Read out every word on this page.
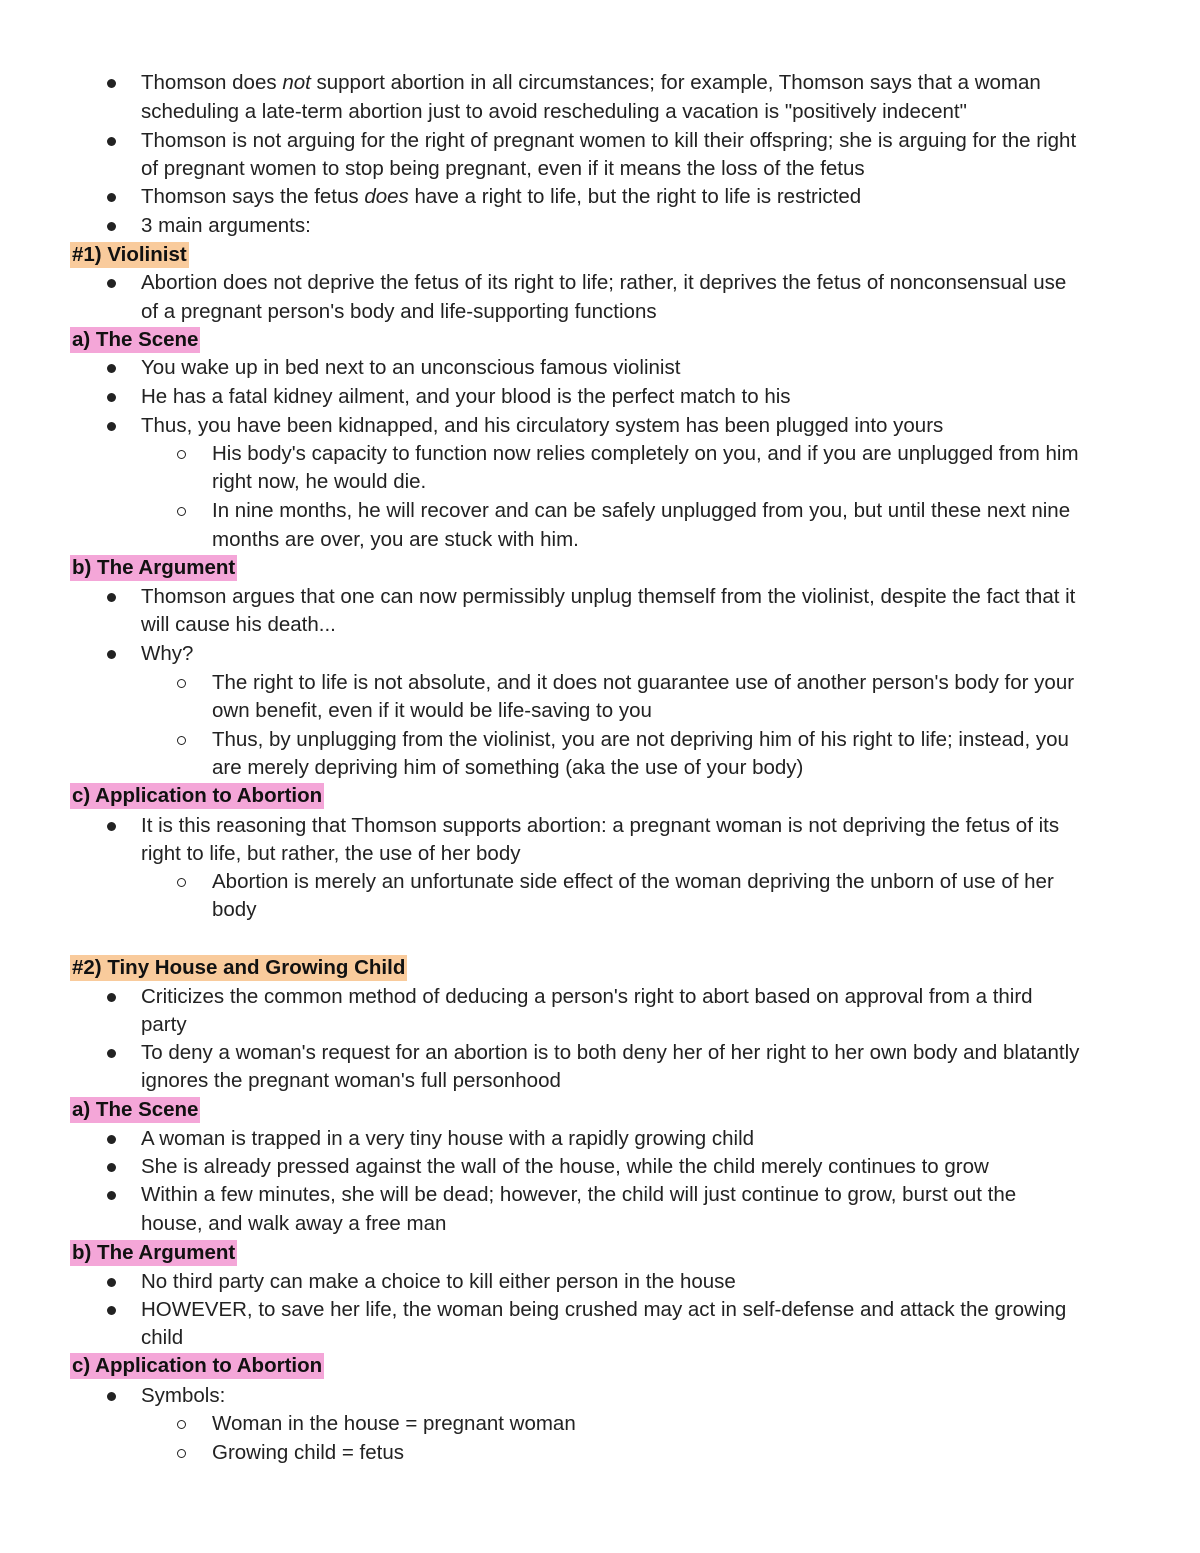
Thomson does not support abortion in all circumstances; for example, Thomson says that a woman
scheduling a late-term abortion just to avoid rescheduling a vacation is "positively indecent"
Thomson is not arguing for the right of pregnant women to kill their offspring; she is arguing for the right
of pregnant women to stop being pregnant, even if it means the loss of the fetus
Thomson says the fetus does have a right to life, but the right to life is restricted
3 main arguments:
#1) Violinist
Abortion does not deprive the fetus of its right to life; rather, it deprives the fetus of nonconsensual use
of a pregnant person's body and life-supporting functions
a) The Scene
You wake up in bed next to an unconscious famous violinist
He has a fatal kidney ailment, and your blood is the perfect match to his
Thus, you have been kidnapped, and his circulatory system has been plugged into yours
His body's capacity to function now relies completely on you, and if you are unplugged from him
right now, he would die.
In nine months, he will recover and can be safely unplugged from you, but until these next nine
months are over, you are stuck with him.
b) The Argument
Thomson argues that one can now permissibly unplug themself from the violinist, despite the fact that it
will cause his death...
Why?
The right to life is not absolute, and it does not guarantee use of another person's body for your
own benefit, even if it would be life-saving to you
Thus, by unplugging from the violinist, you are not depriving him of his right to life; instead, you
are merely depriving him of something (aka the use of your body)
c) Application to Abortion
It is this reasoning that Thomson supports abortion: a pregnant woman is not depriving the fetus of its
right to life, but rather, the use of her body
Abortion is merely an unfortunate side effect of the woman depriving the unborn of use of her
body
#2) Tiny House and Growing Child
Criticizes the common method of deducing a person's right to abort based on approval from a third
party
To deny a woman's request for an abortion is to both deny her of her right to her own body and blatantly
ignores the pregnant woman's full personhood
a) The Scene
A woman is trapped in a very tiny house with a rapidly growing child
She is already pressed against the wall of the house, while the child merely continues to grow
Within a few minutes, she will be dead; however, the child will just continue to grow, burst out the
house, and walk away a free man
b) The Argument
No third party can make a choice to kill either person in the house
HOWEVER, to save her life, the woman being crushed may act in self-defense and attack the growing
child
c) Application to Abortion
Symbols:
Woman in the house = pregnant woman
Growing child = fetus
